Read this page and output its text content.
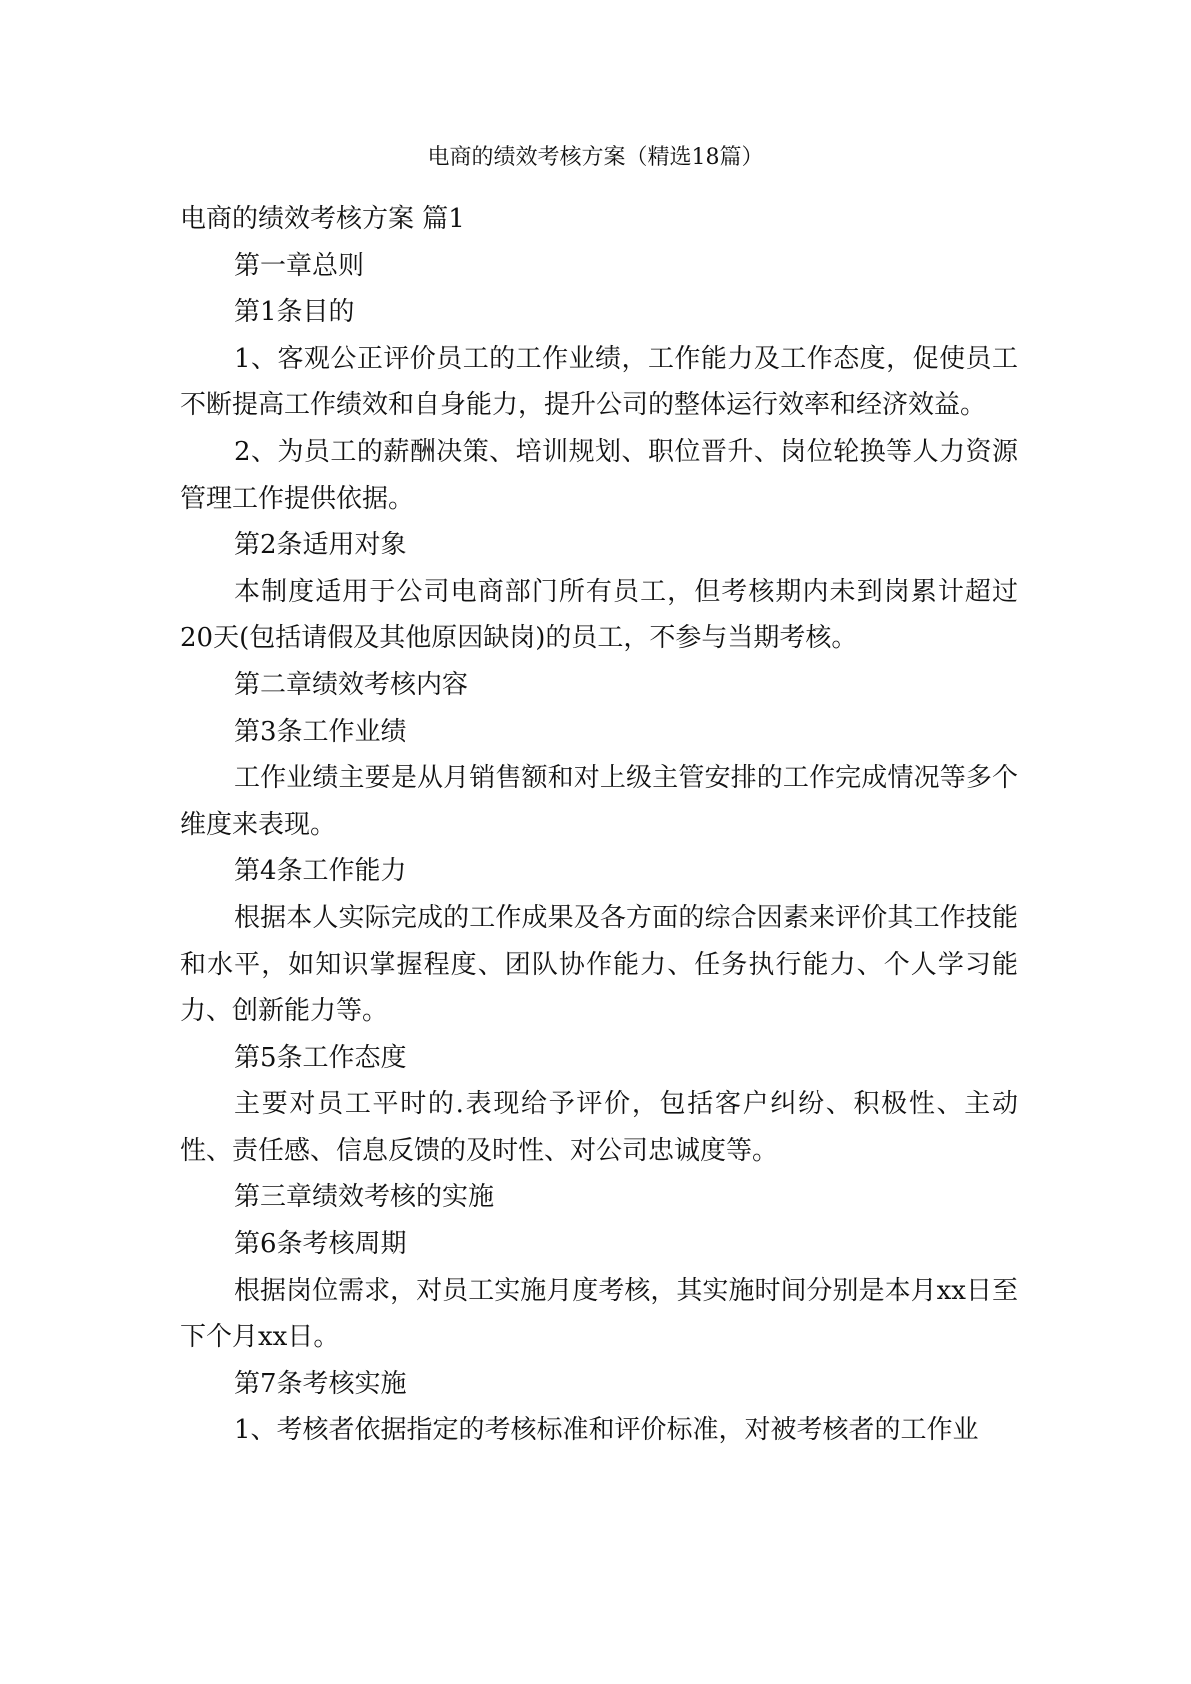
电商的绩效考核方案（精选18篇）

电商的绩效考核方案 篇1

第一章总则

第1条目的

1、客观公正评价员工的工作业绩，工作能力及工作态度，促使员工不断提高工作绩效和自身能力，提升公司的整体运行效率和经济效益。

2、为员工的薪酬决策、培训规划、职位晋升、岗位轮换等人力资源管理工作提供依据。

第2条适用对象

本制度适用于公司电商部门所有员工，但考核期内未到岗累计超过20天(包括请假及其他原因缺岗)的员工，不参与当期考核。

第二章绩效考核内容

第3条工作业绩

工作业绩主要是从月销售额和对上级主管安排的工作完成情况等多个维度来表现。

第4条工作能力

根据本人实际完成的工作成果及各方面的综合因素来评价其工作技能和水平，如知识掌握程度、团队协作能力、任务执行能力、个人学习能力、创新能力等。

第5条工作态度

主要对员工平时的.表现给予评价，包括客户纠纷、积极性、主动性、责任感、信息反馈的及时性、对公司忠诚度等。

第三章绩效考核的实施

第6条考核周期

根据岗位需求，对员工实施月度考核，其实施时间分别是本月xx日至下个月xx日。

第7条考核实施

1、考核者依据指定的考核标准和评价标准，对被考核者的工作业
